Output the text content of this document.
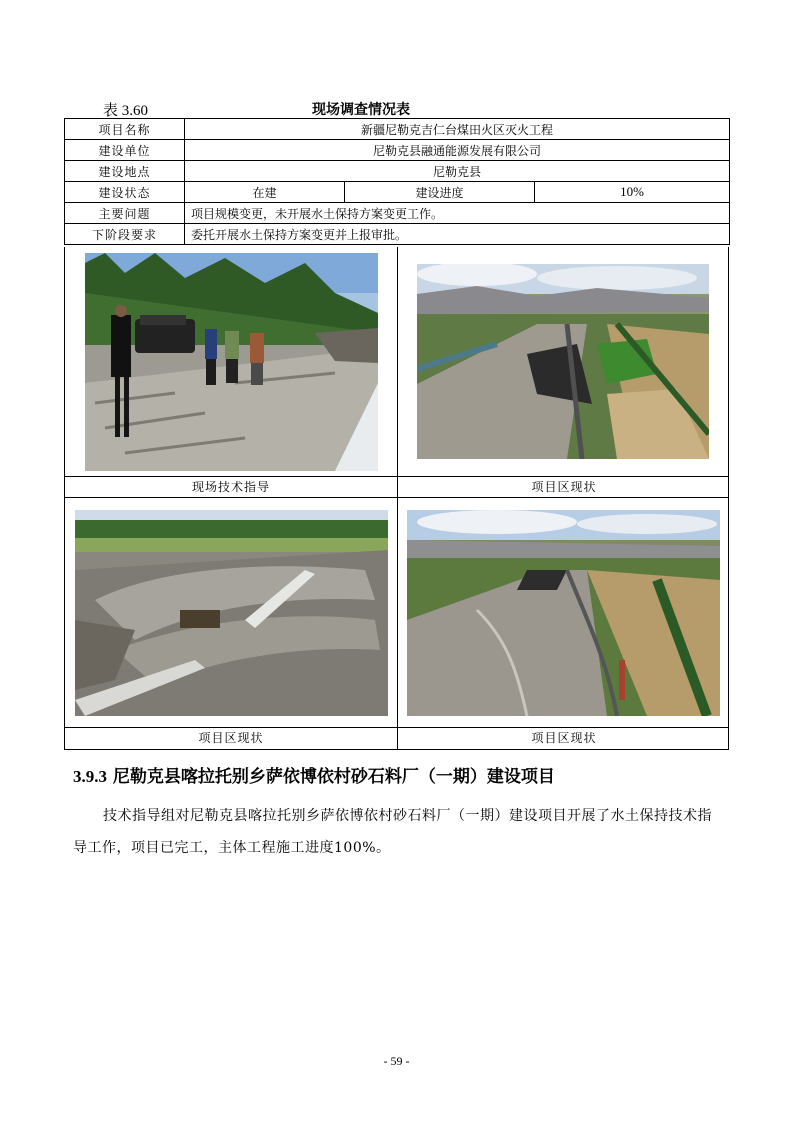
表 3.60	现场调查情况表
项目名称	新疆尼勒克吉仁台煤田火区灭火工程		
建设单位	尼勒克县融通能源发展有限公司		
建设地点	尼勒克县		
建设状态	在建	建设进度	10%
主要问题	项目规模变更，未开展水土保持方案变更工作。		
下阶段要求	委托开展水土保持方案变更并上报审批。		
现场技术指导	项目区现状
项目区现状	项目区现状
3.9.3 尼勒克县喀拉托别乡萨依博依村砂石料厂（一期）建设项目
技术指导组对尼勒克县喀拉托别乡萨依博依村砂石料厂（一期）建设项目开展了水土保持技术指导工作，项目已完工，主体工程施工进度100%。
- 59 -
